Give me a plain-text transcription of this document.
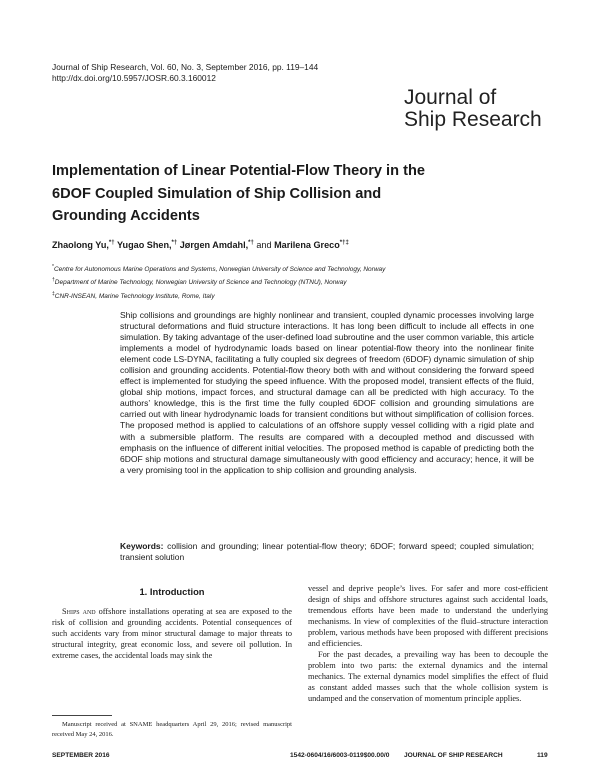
Journal of Ship Research, Vol. 60, No. 3, September 2016, pp. 119–144
http://dx.doi.org/10.5957/JOSR.60.3.160012
Journal of
Ship Research
Implementation of Linear Potential-Flow Theory in the
6DOF Coupled Simulation of Ship Collision and
Grounding Accidents
Zhaolong Yu,*† Yugao Shen,*† Jørgen Amdahl,*† and Marilena Greco*†‡
*Centre for Autonomous Marine Operations and Systems, Norwegian University of Science and Technology, Norway
†Department of Marine Technology, Norwegian University of Science and Technology (NTNU), Norway
‡CNR-INSEAN, Marine Technology Institute, Rome, Italy
Ship collisions and groundings are highly nonlinear and transient, coupled dynamic processes involving large structural deformations and fluid structure interactions. It has long been difficult to include all effects in one simulation. By taking advantage of the user-defined load subroutine and the user common variable, this article implements a model of hydrodynamic loads based on linear potential-flow theory into the nonlinear finite element code LS-DYNA, facilitating a fully coupled six degrees of freedom (6DOF) dynamic simulation of ship collision and grounding accidents. Potential-flow theory both with and without considering the forward speed effect is implemented for studying the speed influence. With the proposed model, transient effects of the fluid, global ship motions, impact forces, and structural damage can all be predicted with high accuracy. To the authors’ knowledge, this is the first time the fully coupled 6DOF collision and grounding simulations are carried out with linear hydrodynamic loads for transient conditions but without simplification of collision forces. The proposed method is applied to calculations of an offshore supply vessel colliding with a rigid plate and with a submersible platform. The results are compared with a decoupled method and discussed with emphasis on the influence of different initial velocities. The proposed method is capable of predicting both the 6DOF ship motions and structural damage simultaneously with good efficiency and accuracy; hence, it will be a very promising tool in the application to ship collision and grounding analysis.
Keywords: collision and grounding; linear potential-flow theory; 6DOF; forward speed; coupled simulation; transient solution
1. Introduction
Ships and offshore installations operating at sea are exposed to the risk of collision and grounding accidents. Potential consequences of such accidents vary from minor structural damage to major threats to structural integrity, great economic loss, and severe oil pollution. In extreme cases, the accidental loads may sink the
Manuscript received at SNAME headquarters April 29, 2016; revised manuscript received May 24, 2016.

vessel and deprive people’s lives. For safer and more cost-efficient design of ships and offshore structures against such accidental loads, tremendous efforts have been made to understand the underlying mechanisms. In view of complexities of the fluid–structure interaction problem, various methods have been proposed with different precisions and efficiencies.

For the past decades, a prevailing way has been to decouple the problem into two parts: the external dynamics and the internal mechanics. The external dynamics model simplifies the effect of fluid as constant added masses such that the whole collision system is undamped and the conservation of momentum principle applies.

SEPTEMBER 2016	1542-0604/16/6003-0119$00.00/0 JOURNAL OF SHIP RESEARCH	119
